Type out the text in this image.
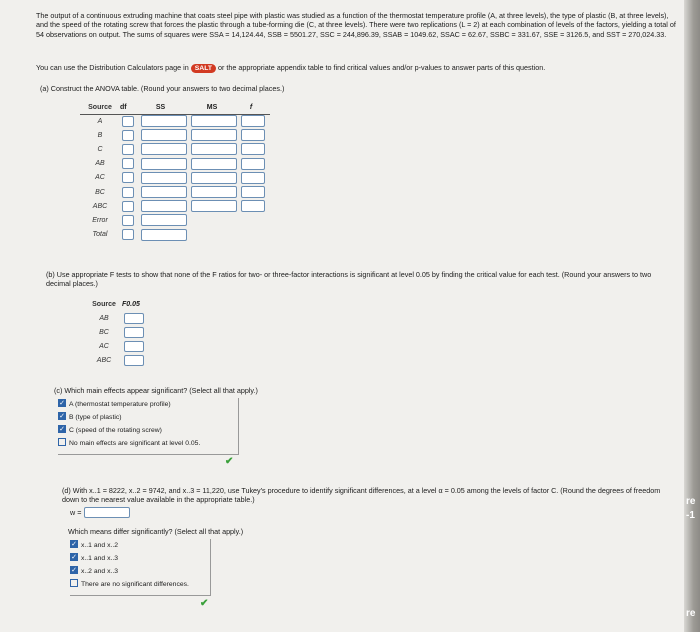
The output of a continuous extruding machine that coats steel pipe with plastic was studied as a function of the thermostat temperature profile (A, at three levels), the type of plastic (B, at three levels), and the speed of the rotating screw that forces the plastic through a tube-forming die (C, at three levels). There were two replications (L = 2) at each combination of levels of the factors, yielding a total of 54 observations on output. The sums of squares were SSA = 14,124.44, SSB = 5501.27, SSC = 244,896.39, SSAB = 1049.62, SSAC = 62.67, SSBC = 331.67, SSE = 3126.5, and SST = 270,024.33.
You can use the Distribution Calculators page in SALT or the appropriate appendix table to find critical values and/or p-values to answer parts of this question.
(a) Construct the ANOVA table. (Round your answers to two decimal places.)
Source	df	SS	MS	f
A				
B				
C				
AB				
AC				
BC				
ABC				
Error				
Total				
(b) Use appropriate F tests to show that none of the F ratios for two- or three-factor interactions is significant at level 0.05 by finding the critical value for each test. (Round your answers to two decimal places.)
Source	F0.05
AB	
BC	
AC	
ABC	
(c) Which main effects appear significant? (Select all that apply.)
✓ A (thermostat temperature profile)
✓ B (type of plastic)
✓ C (speed of the rotating screw)
No main effects are significant at level 0.05.
✔
(d) With x..1 = 8222, x..2 = 9742, and x..3 = 11,220, use Tukey's procedure to identify significant differences, at a level α = 0.05 among the levels of factor C. (Round the degrees of freedom down to the nearest value available in the appropriate table.)
w =
Which means differ significantly? (Select all that apply.)
✓ x..1 and x..2
✓ x..1 and x..3
✓ x..2 and x..3
There are no significant differences.
✔
re
-1
re
